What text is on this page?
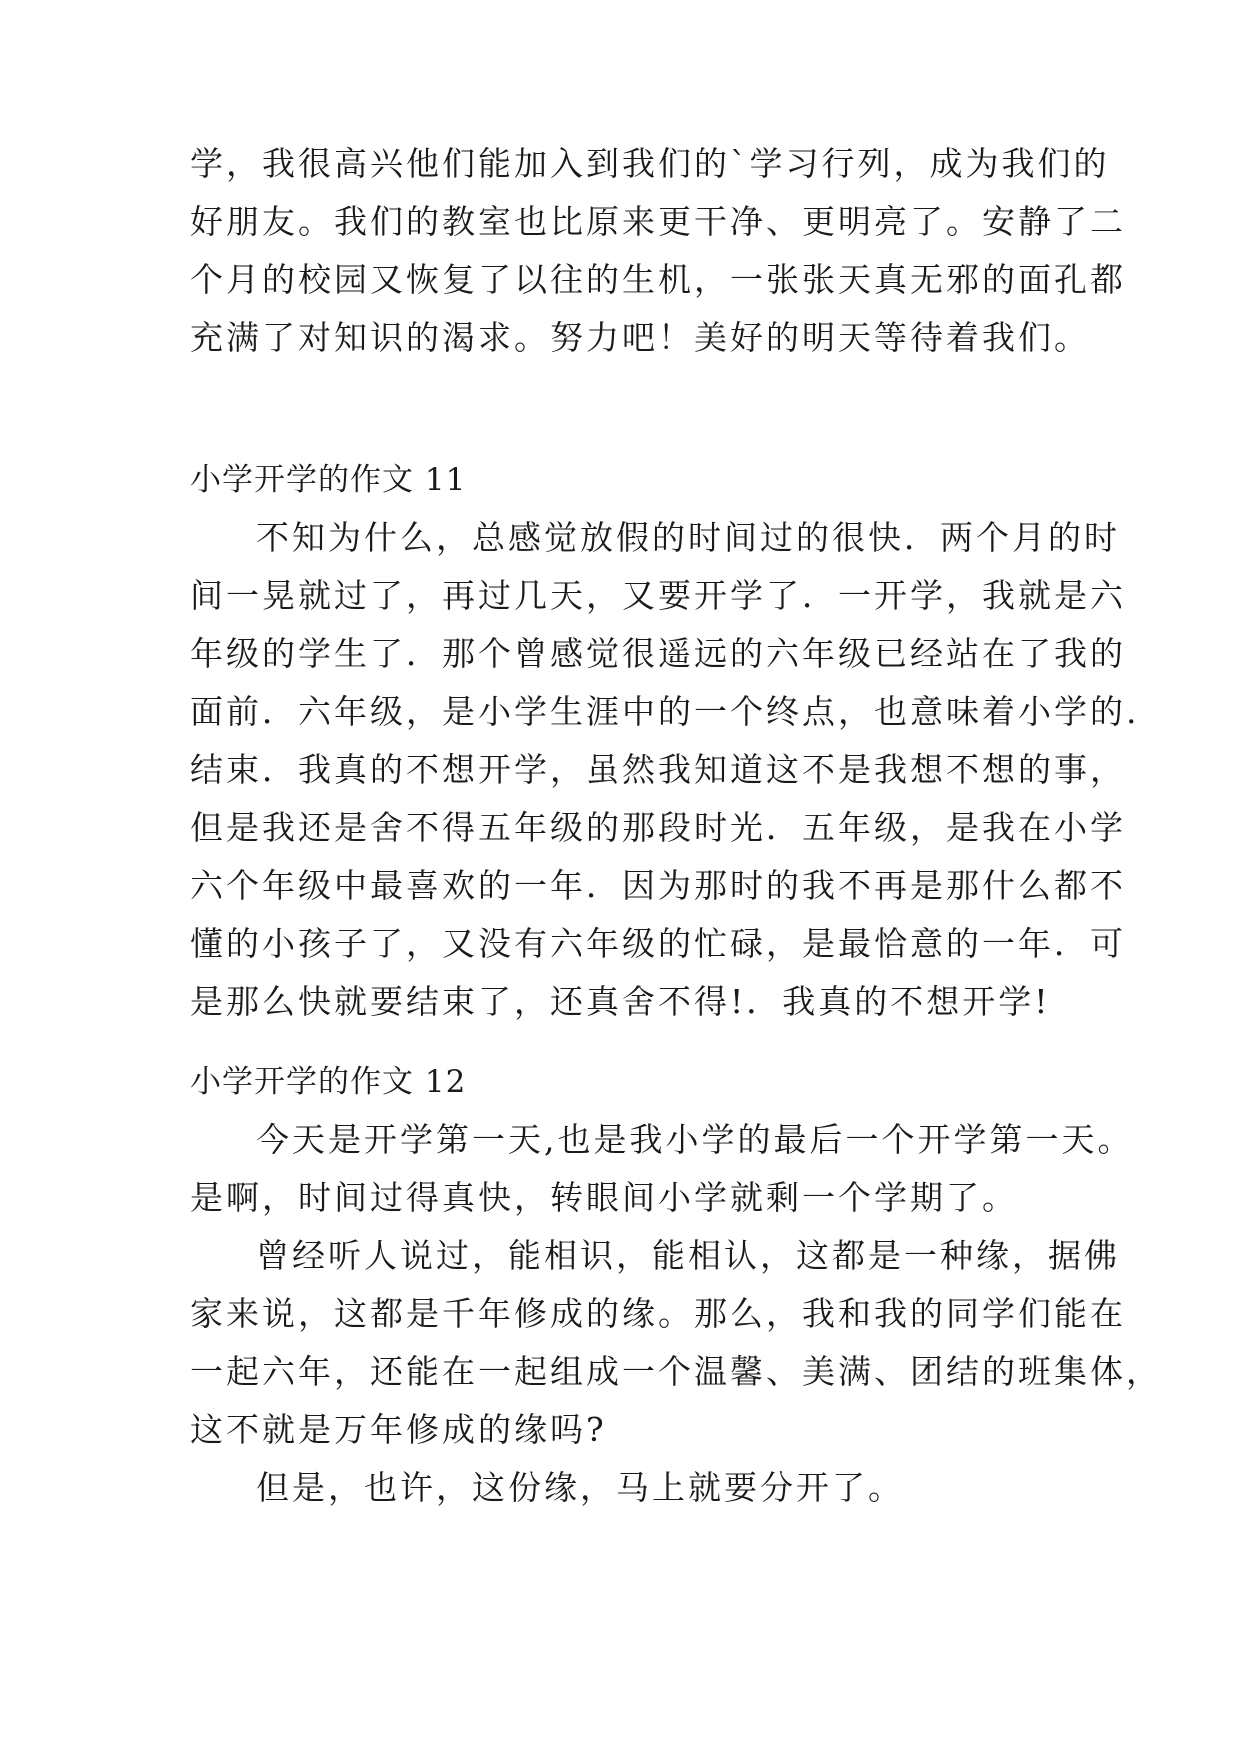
学，我很高兴他们能加入到我们的`学习行列，成为我们的
好朋友。我们的教室也比原来更干净、更明亮了。安静了二
个月的校园又恢复了以往的生机，一张张天真无邪的面孔都
充满了对知识的渴求。努力吧！美好的明天等待着我们。
小学开学的作文 11
不知为什么，总感觉放假的时间过的很快．两个月的时
间一晃就过了，再过几天，又要开学了．一开学，我就是六
年级的学生了．那个曾感觉很遥远的六年级已经站在了我的
面前．六年级，是小学生涯中的一个终点，也意味着小学的.
结束．我真的不想开学，虽然我知道这不是我想不想的事，
但是我还是舍不得五年级的那段时光．五年级，是我在小学
六个年级中最喜欢的一年．因为那时的我不再是那什么都不
懂的小孩子了，又没有六年级的忙碌，是最恰意的一年．可
是那么快就要结束了，还真舍不得!．我真的不想开学!
小学开学的作文 12
今天是开学第一天,也是我小学的最后一个开学第一天。
是啊，时间过得真快，转眼间小学就剩一个学期了。
曾经听人说过，能相识，能相认，这都是一种缘，据佛
家来说，这都是千年修成的缘。那么，我和我的同学们能在
一起六年，还能在一起组成一个温馨、美满、团结的班集体，
这不就是万年修成的缘吗?
但是，也许，这份缘，马上就要分开了。
